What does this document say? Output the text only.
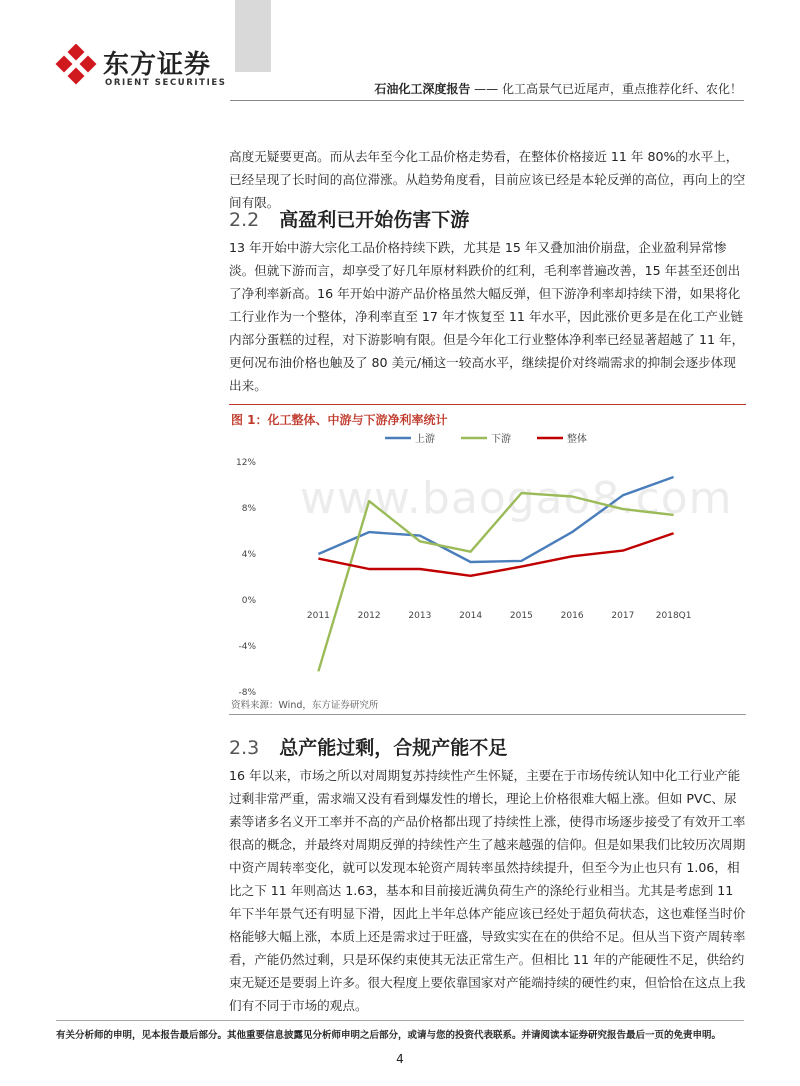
东方证券
ORIENT SECURITIES	石油化工深度报告 —— 化工高景气已近尾声，重点推荐化纤、农化！
高度无疑要更高。而从去年至今化工品价格走势看，在整体价格接近 11 年 80%的水平上，已经呈现了长时间的高位滞涨。从趋势角度看，目前应该已经是本轮反弹的高位，再向上的空间有限。
2.2 高盈利已开始伤害下游
13 年开始中游大宗化工品价格持续下跌，尤其是 15 年又叠加油价崩盘，企业盈利异常惨淡。但就下游而言，却享受了好几年原材料跌价的红利，毛利率普遍改善，15 年甚至还创出了净利率新高。16 年开始中游产品价格虽然大幅反弹，但下游净利率却持续下滑，如果将化工行业作为一个整体，净利率直至 17 年才恢复至 11 年水平，因此涨价更多是在化工产业链内部分蛋糕的过程，对下游影响有限。但是今年化工行业整体净利率已经显著超越了 11 年，更何况布油价格也触及了 80 美元/桶这一较高水平，继续提价对终端需求的抑制会逐步体现出来。
图 1：化工整体、中游与下游净利率统计
www.baogao8.com
12%
8%
4%
0%
-4%
-8%
2011	2012	2013	2014	2015	2016	2017 2018Q1
上游	下游	整体
资料来源：Wind，东方证券研究所
2.3 总产能过剩，合规产能不足
16 年以来，市场之所以对周期复苏持续性产生怀疑，主要在于市场传统认知中化工行业产能过剩非常严重，需求端又没有看到爆发性的增长，理论上价格很难大幅上涨。但如 PVC、尿素等诸多名义开工率并不高的产品价格都出现了持续性上涨，使得市场逐步接受了有效开工率很高的概念，并最终对周期反弹的持续性产生了越来越强的信仰。但是如果我们比较历次周期中资产周转率变化，就可以发现本轮资产周转率虽然持续提升，但至今为止也只有 1.06，相比之下 11 年则高达 1.63，基本和目前接近满负荷生产的涤纶行业相当。尤其是考虑到 11 年下半年景气还有明显下滑，因此上半年总体产能应该已经处于超负荷状态，这也难怪当时价格能够大幅上涨，本质上还是需求过于旺盛，导致实实在在的供给不足。但从当下资产周转率看，产能仍然过剩，只是环保约束使其无法正常生产。但相比 11 年的产能硬性不足，供给约束无疑还是要弱上许多。很大程度上要依靠国家对产能端持续的硬性约束，但恰恰在这点上我们有不同于市场的观点。
有关分析师的申明，见本报告最后部分。其他重要信息披露见分析师申明之后部分，或请与您的投资代表联系。并请阅读本证券研究报告最后一页的免责申明。
4
